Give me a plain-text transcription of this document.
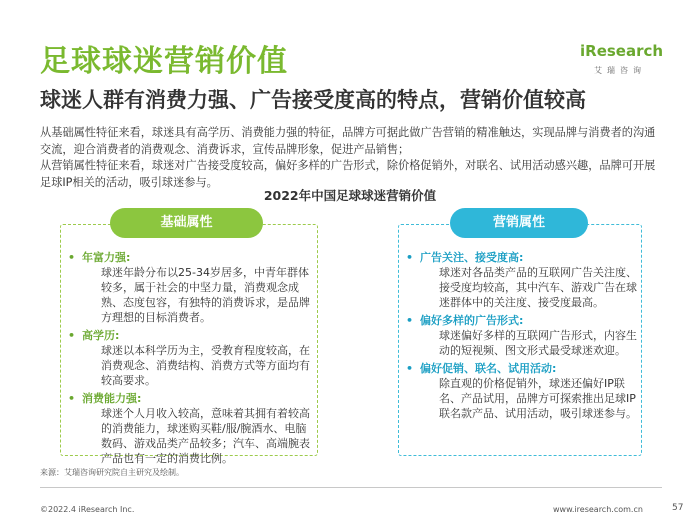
足球球迷营销价值	iResearch
艾瑞咨询
球迷人群有消费力强、广告接受度高的特点，营销价值较高

从基础属性特征来看，球迷具有高学历、消费能力强的特征，品牌方可据此做广告营销的精准触达，实现品牌与消费者的沟通交流，迎合消费者的消费观念、消费诉求，宣传品牌形象，促进产品销售；

从营销属性特征来看，球迷对广告接受度较高，偏好多样的广告形式，除价格促销外，对联名、试用活动感兴趣，品牌可开展足球IP相关的活动，吸引球迷参与。

2022年中国足球球迷营销价值
基础属性	营销属性
• 年富力强:
球迷年龄分布以25-34岁居多，中青年群体较多，属于社会的中坚力量，消费观念成熟、态度包容，有独特的消费诉求，是品牌方理想的目标消费者。
• 高学历:
球迷以本科学历为主，受教育程度较高，在消费观念、消费结构、消费方式等方面均有较高要求。
• 消费能力强:
球迷个人月收入较高，意味着其拥有着较高的消费能力，球迷购买鞋/服/腕酒水、电脑数码、游戏品类产品较多；汽车、高端腕表产品也有一定的消费比例。
• 广告关注、接受度高:
球迷对各品类产品的互联网广告关注度、接受度均较高，其中汽车、游戏广告在球迷群体中的关注度、接受度最高。
• 偏好多样的广告形式:
球迷偏好多样的互联网广告形式，内容生动的短视频、图文形式最受球迷欢迎。
• 偏好促销、联名、试用活动:
除直观的价格促销外，球迷还偏好IP联名、产品试用，品牌方可探索推出足球IP联名款产品、试用活动，吸引球迷参与。
来源：艾瑞咨询研究院自主研究及绘制。
©2022.4 iResearch Inc.	www.iresearch.com.cn	57
